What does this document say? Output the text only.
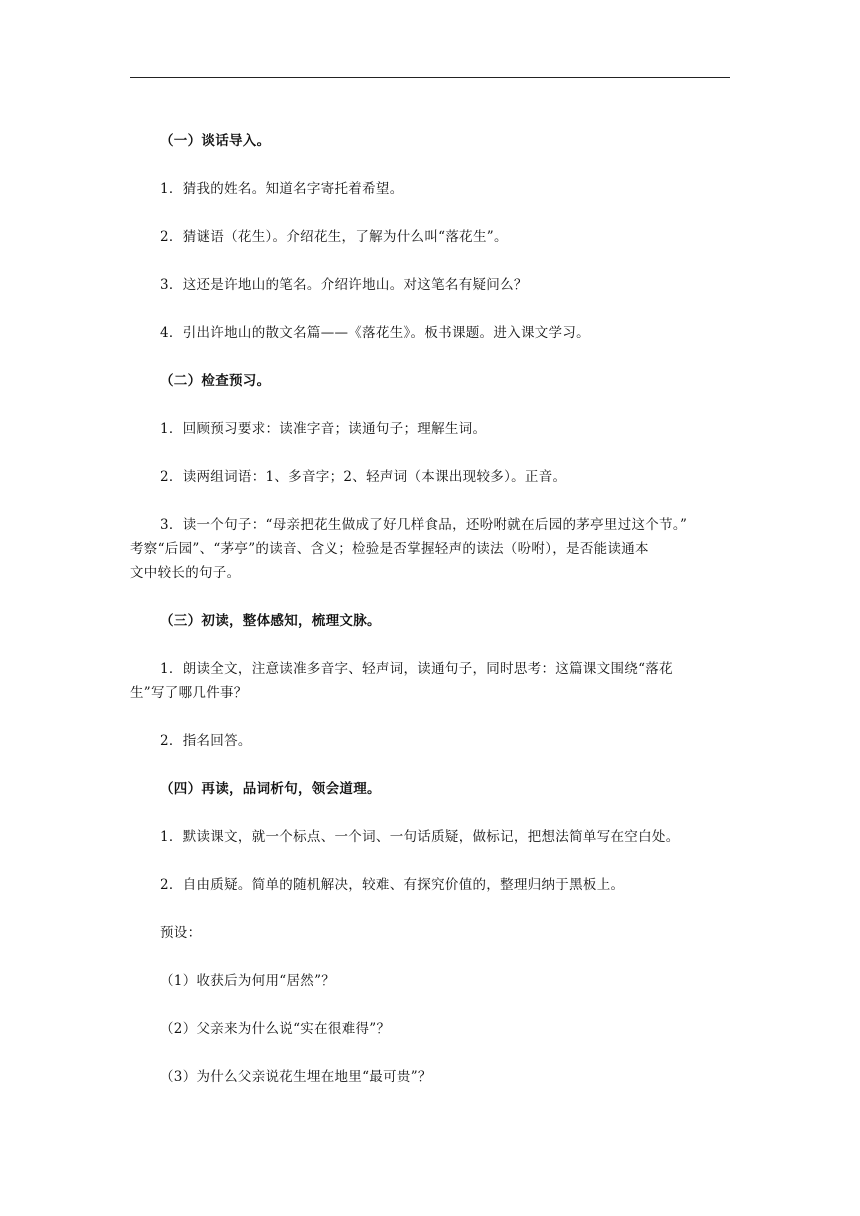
（一）谈话导入。
1．猜我的姓名。知道名字寄托着希望。
2．猜谜语（花生）。介绍花生，了解为什么叫“落花生”。
3．这还是许地山的笔名。介绍许地山。对这笔名有疑问么？
4．引出许地山的散文名篇——《落花生》。板书课题。进入课文学习。
（二）检查预习。
1．回顾预习要求：读准字音；读通句子；理解生词。
2．读两组词语：1、多音字；2、轻声词（本课出现较多）。正音。
3．读一个句子：“母亲把花生做成了好几样食品，还吩咐就在后园的茅亭里过这个节。”
考察“后园”、“茅亭”的读音、含义；检验是否掌握轻声的读法（吩咐），是否能读通本
文中较长的句子。
（三）初读，整体感知，梳理文脉。
1．朗读全文，注意读准多音字、轻声词，读通句子，同时思考：这篇课文围绕“落花
生”写了哪几件事？
2．指名回答。
（四）再读，品词析句，领会道理。
1．默读课文，就一个标点、一个词、一句话质疑，做标记，把想法简单写在空白处。
2．自由质疑。简单的随机解决，较难、有探究价值的，整理归纳于黑板上。
预设：
（1）收获后为何用“居然”？
（2）父亲来为什么说“实在很难得”？
（3）为什么父亲说花生埋在地里“最可贵”？
